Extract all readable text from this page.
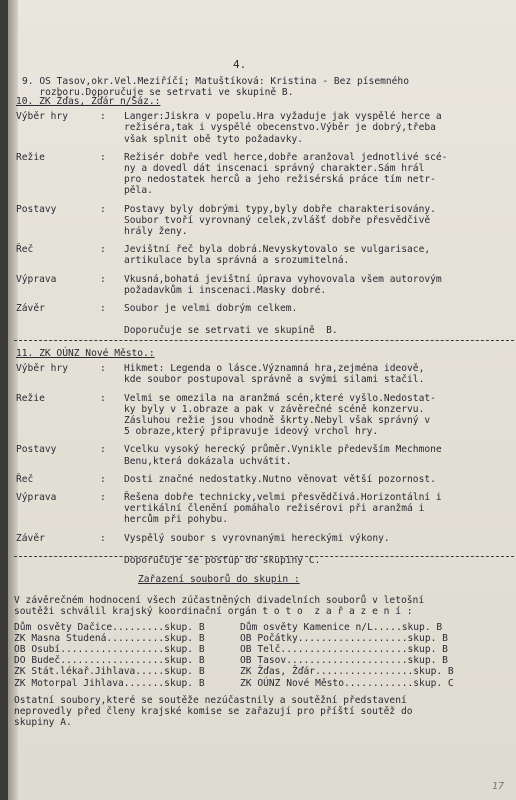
4.
9. OS Tasov,okr.Vel.Meziříčí; Matuštíková: Kristina - Bez písemného
rozboru.Doporučuje se setrvati ve skupině B.
10. ZK Žďas, Žďár n/Sáz.:
Výběr hry	: Langer:Jiskra v popelu.Hra vyžaduje jak vyspělé herce a
režiséra,tak i vyspělé obecenstvo.Výběr je dobrý,třeba
však splnit obě tyto požadavky.
Režie	: Režisér dobře vedl herce,dobře aranžoval jednotlivé scé-
ny a dovedl dát inscenaci správný charakter.Sám hrál
pro nedostatek herců a jeho režisérská práce tím netr-
pěla.
Postavy	: Postavy byly dobrými typy,byly dobře charakterisovány.
Soubor tvoří vyrovnaný celek,zvlášť dobře přesvědčivě
hrály ženy.
Řeč	: Jevištní řeč byla dobrá.Nevyskytovalo se vulgarisace,
artikulace byla správná a srozumitelná.
Výprava	: Vkusná,bohatá jevištní úprava vyhovovala všem autorovým
požadavkům i inscenaci.Masky dobré.
Závěr	: Soubor je velmi dobrým celkem.
Doporučuje se setrvati ve skupině  B.
11. ZK OÚNZ Nové Město.:
Výběr hry	: Hikmet: Legenda o lásce.Významná hra,zejména ideově,
kde soubor postupoval správně a svými silami stačil.
Režie	: Velmi se omezila na aranžmá scén,které vyšlo.Nedostat-
ky byly v 1.obraze a pak v závěrečné scéně konzervu.
Zásluhou režie jsou vhodně škrty.Nebyl však správný v
5 obraze,který připravuje ideový vrchol hry.
Postavy	: Vcelku vysoký herecký průměr.Vynikle především Mechmone
Benu,která dokázala uchvátit.
Řeč	: Dosti značné nedostatky.Nutno věnovat větší pozornost.
Výprava	: Řešena dobře technicky,velmi přesvědčivá.Horizontální i
vertikální členění pomáhalo režisérovi při aranžmá i
hercům při pohybu.
Závěr	: Vyspělý soubor s vyrovnanými hereckými výkony.
Doporučuje se postup do skupiny C.
Zařazení souborů do skupin :
V závěrečném hodnocení všech zúčastněných divadelních souborů v letošní
soutěži schválil krajský koordinační orgán t o t o  z a ř a z e n í :
Dům osvěty Dačice.........skup. B	Dům osvěty Kamenice n/L.....skup. B
ZK Masna Studená..........skup. B	OB Počátky...................skup. B
OB Osubí..................skup. B	OB Telč......................skup. B
DO Budeč..................skup. B	OB Tasov.....................skup. B
ZK Stát.lékař.Jihlava.....skup. B	ZK Žďas, Žďár.................skup. B
ZK Motorpal Jihlava.......skup. B	ZK OÚNZ Nové Město............skup. C
Ostatní soubory,které se soutěže nezúčastnily a soutěžní představení
neprovedly před členy krajské komise se zařazují pro příští soutěž do
skupiny A.
17
